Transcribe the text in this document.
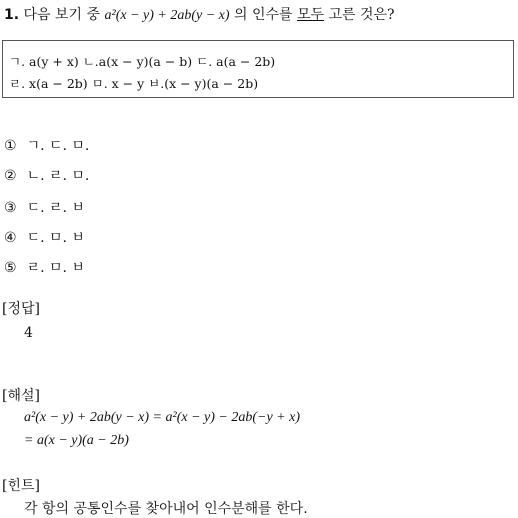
1. 다음 보기 중 a²(x − y) + 2ab(y − x) 의 인수를 모두 고른 것은?
ㄱ. a(y + x) ㄴ.a(x − y)(a − b) ㄷ. a(a − 2b)
ㄹ. x(a − 2b) ㅁ. x − y ㅂ.(x − y)(a − 2b)
① ㄱ. ㄷ. ㅁ.
② ㄴ. ㄹ. ㅁ.
③ ㄷ. ㄹ. ㅂ
④ ㄷ. ㅁ. ㅂ
⑤ ㄹ. ㅁ. ㅂ
[정답]
4
[해설]
a²(x − y) + 2ab(y − x) = a²(x − y) − 2ab(−y + x)
= a(x − y)(a − 2b)
[힌트]
각 항의 공통인수를 찾아내어 인수분해를 한다.
